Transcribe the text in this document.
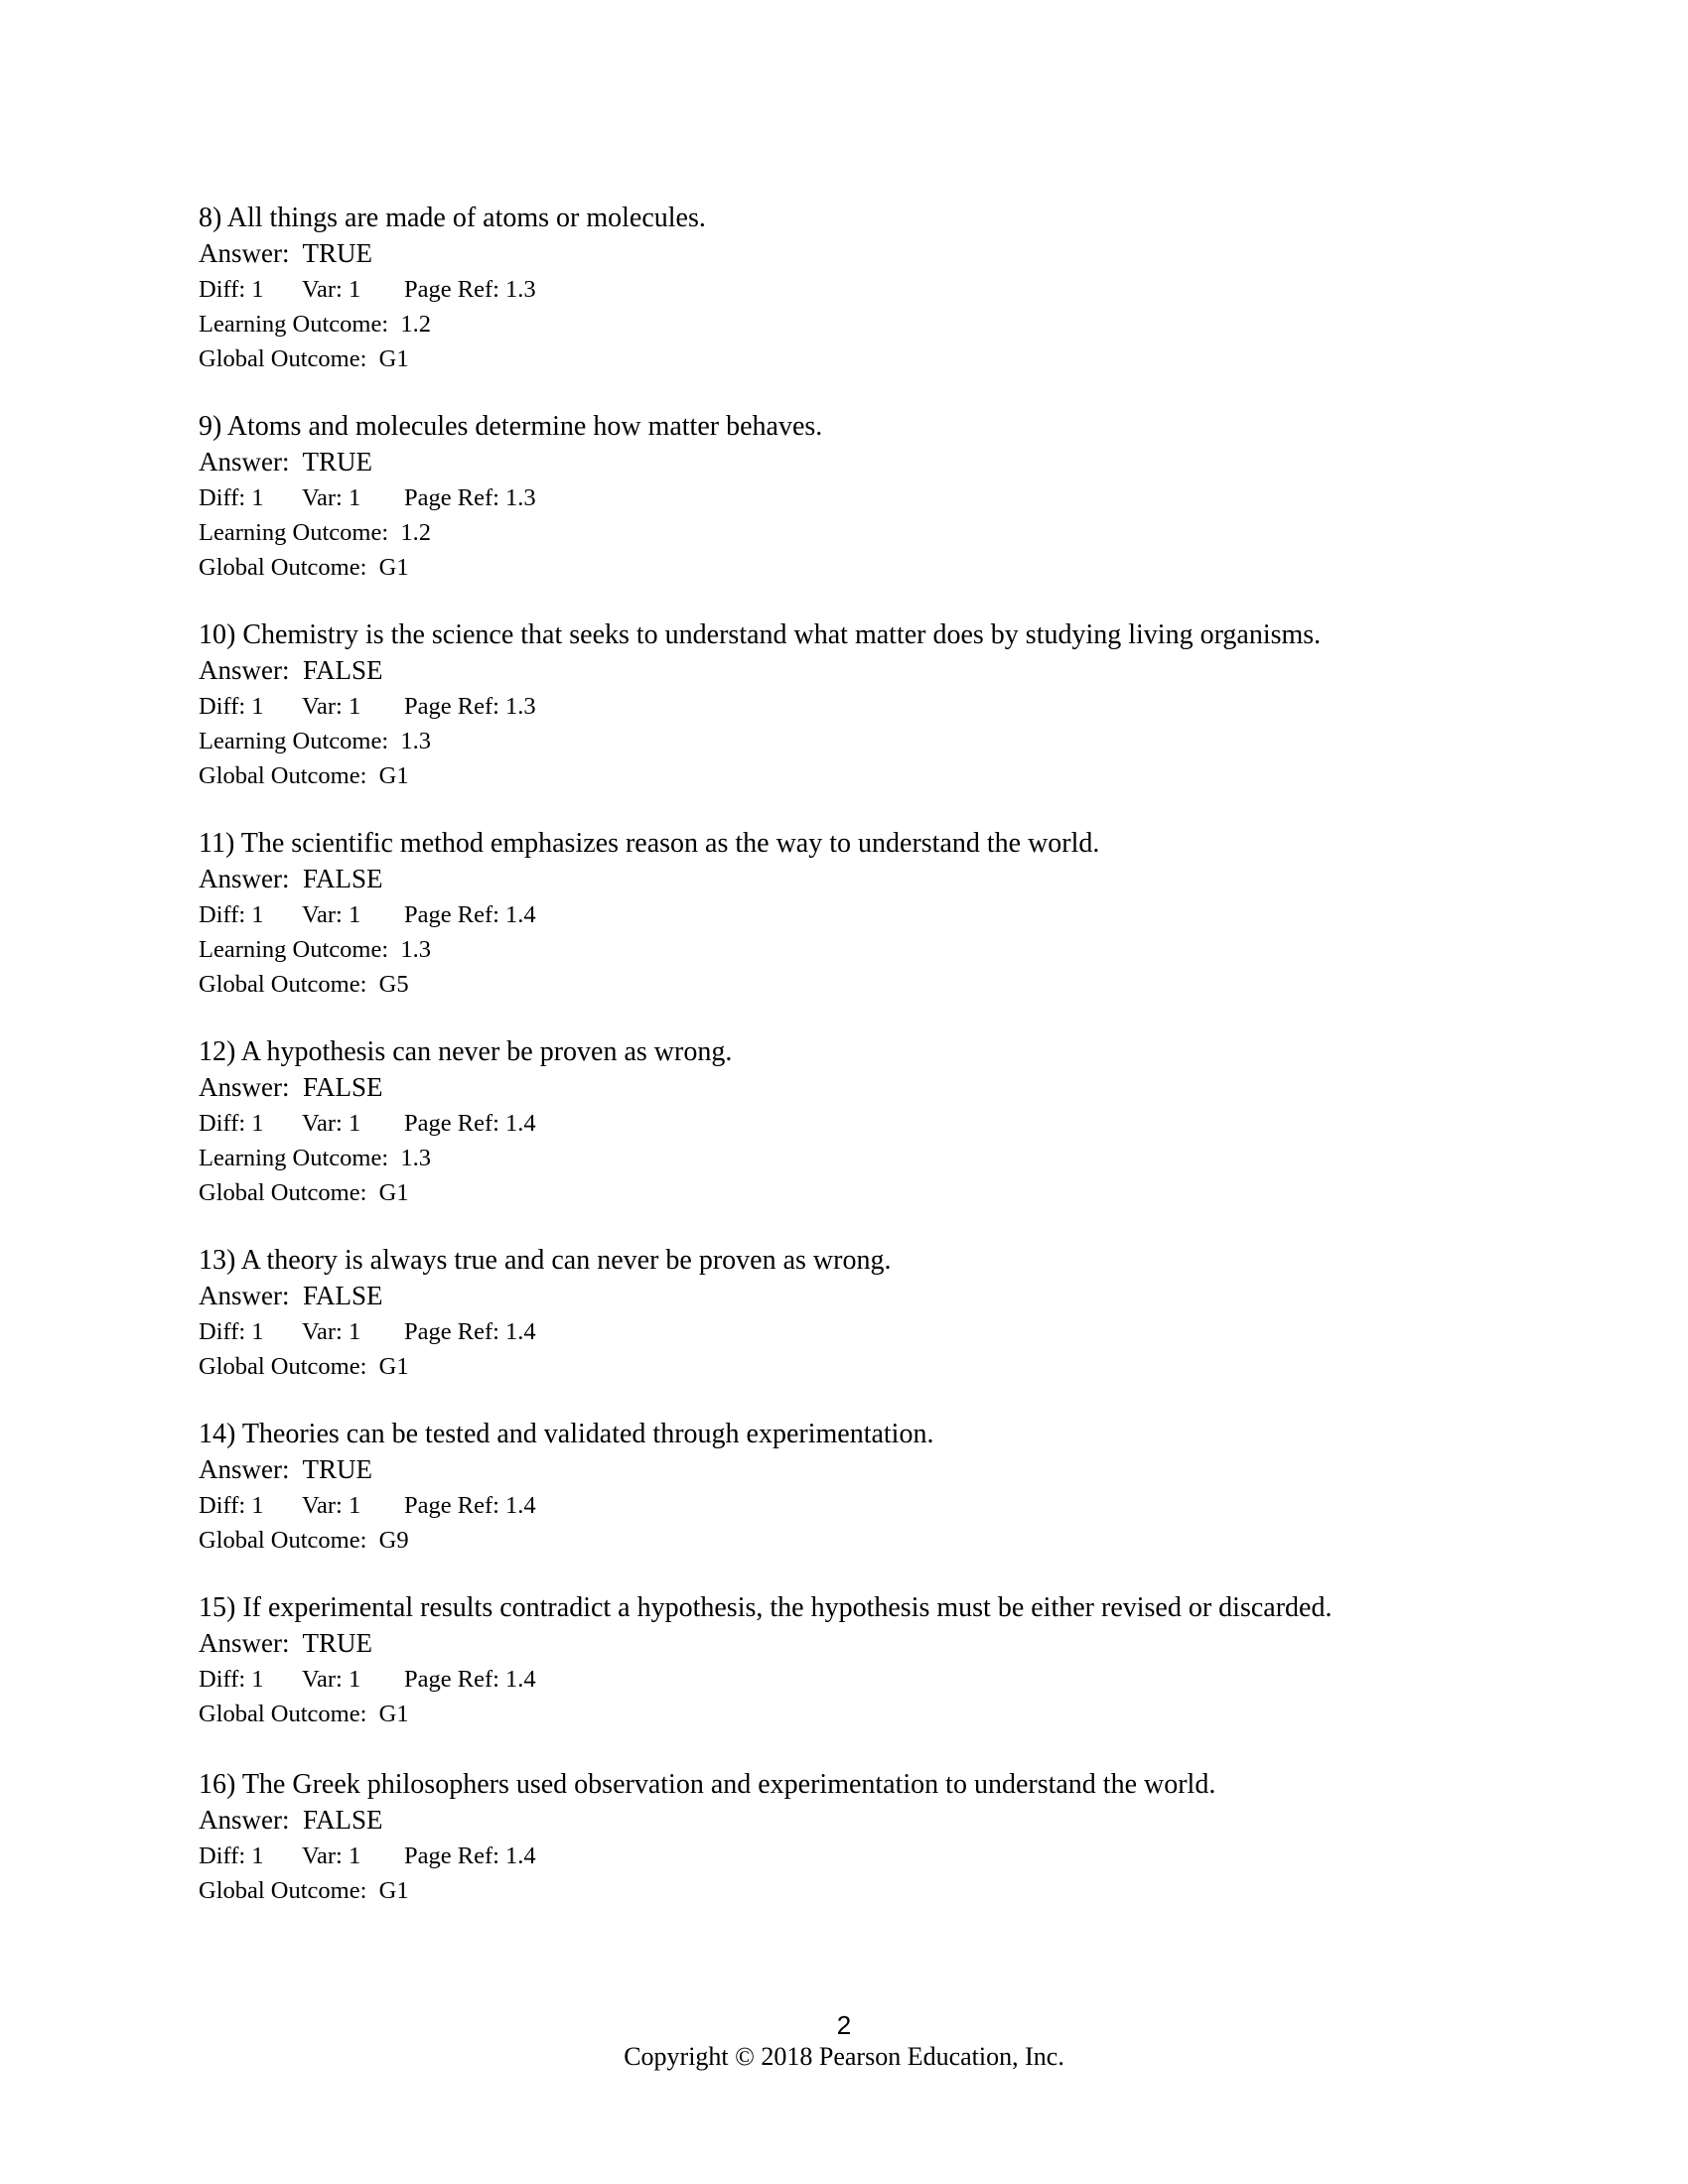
8) All things are made of atoms or molecules.
Answer:  TRUE

Diff: 1

Var: 1

Page Ref: 1.3

Learning Outcome:  1.2
Global Outcome:  G1
9) Atoms and molecules determine how matter behaves.
Answer:  TRUE

Diff: 1

Var: 1

Page Ref: 1.3

Learning Outcome:  1.2
Global Outcome:  G1
10) Chemistry is the science that seeks to understand what matter does by studying living organisms.
Answer:  FALSE

Diff: 1

Var: 1

Page Ref: 1.3

Learning Outcome:  1.3
Global Outcome:  G1
11) The scientific method emphasizes reason as the way to understand the world.
Answer:  FALSE

Diff: 1

Var: 1

Page Ref: 1.4

Learning Outcome:  1.3
Global Outcome:  G5
12) A hypothesis can never be proven as wrong.
Answer:  FALSE

Diff: 1

Var: 1

Page Ref: 1.4

Learning Outcome:  1.3
Global Outcome:  G1
13) A theory is always true and can never be proven as wrong.
Answer:  FALSE

Diff: 1

Var: 1

Page Ref: 1.4

Global Outcome:  G1
14) Theories can be tested and validated through experimentation.
Answer:  TRUE

Diff: 1

Var: 1

Page Ref: 1.4

Global Outcome:  G9
15) If experimental results contradict a hypothesis, the hypothesis must be either revised or discarded.
Answer:  TRUE

Diff: 1

Var: 1

Page Ref: 1.4

Global Outcome:  G1
16) The Greek philosophers used observation and experimentation to understand the world.
Answer:  FALSE

Diff: 1

Var: 1

Page Ref: 1.4

Global Outcome:  G1
2
Copyright © 2018 Pearson Education, Inc.
